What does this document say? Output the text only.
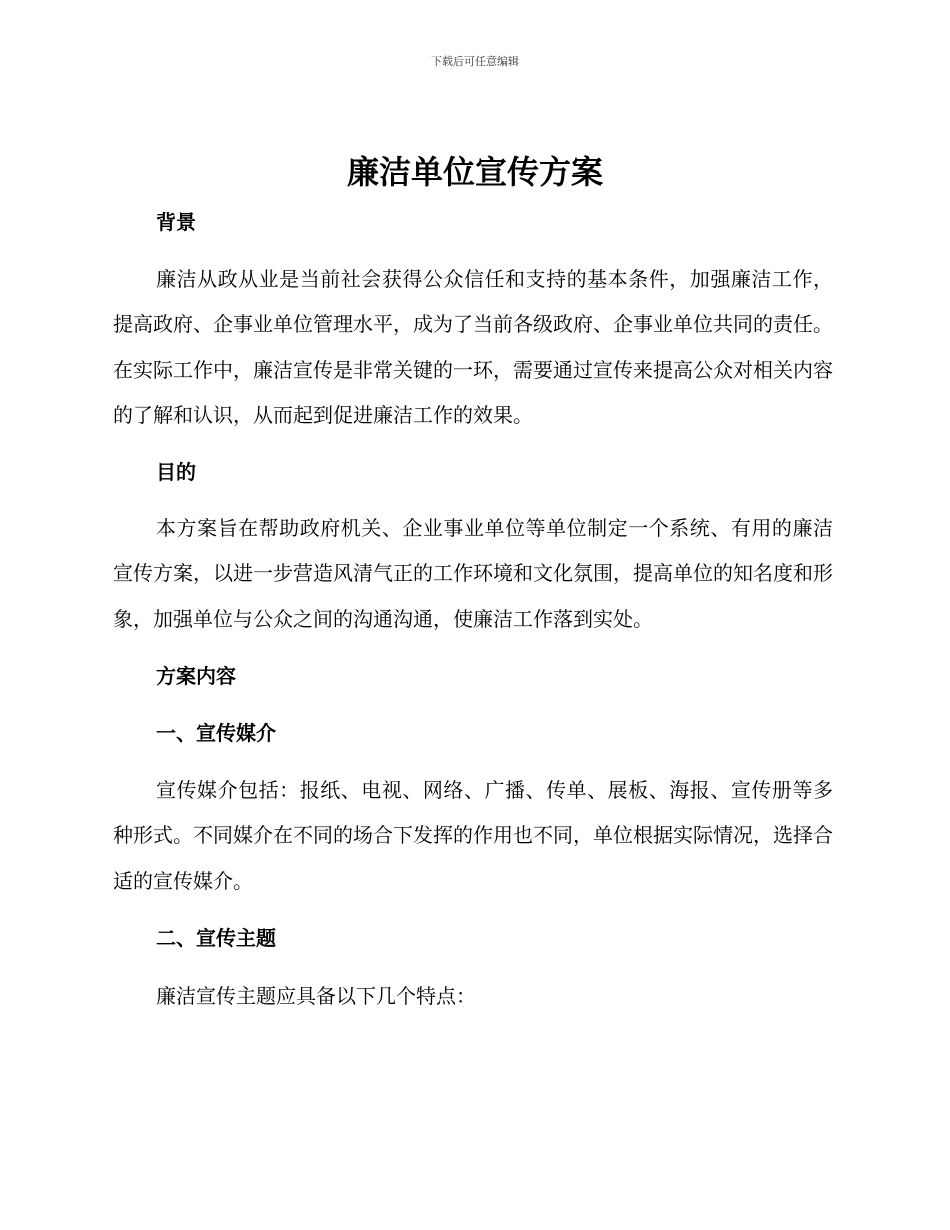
下载后可任意编辑
廉洁单位宣传方案
背景

廉洁从政从业是当前社会获得公众信任和支持的基本条件，加强廉洁工作，提高政府、企事业单位管理水平，成为了当前各级政府、企事业单位共同的责任。在实际工作中，廉洁宣传是非常关键的一环，需要通过宣传来提高公众对相关内容的了解和认识，从而起到促进廉洁工作的效果。

目的

本方案旨在帮助政府机关、企业事业单位等单位制定一个系统、有用的廉洁宣传方案，以进一步营造风清气正的工作环境和文化氛围，提高单位的知名度和形象，加强单位与公众之间的沟通沟通，使廉洁工作落到实处。

方案内容
一、宣传媒介

宣传媒介包括：报纸、电视、网络、广播、传单、展板、海报、宣传册等多种形式。不同媒介在不同的场合下发挥的作用也不同，单位根据实际情况，选择合适的宣传媒介。

二、宣传主题

廉洁宣传主题应具备以下几个特点：
